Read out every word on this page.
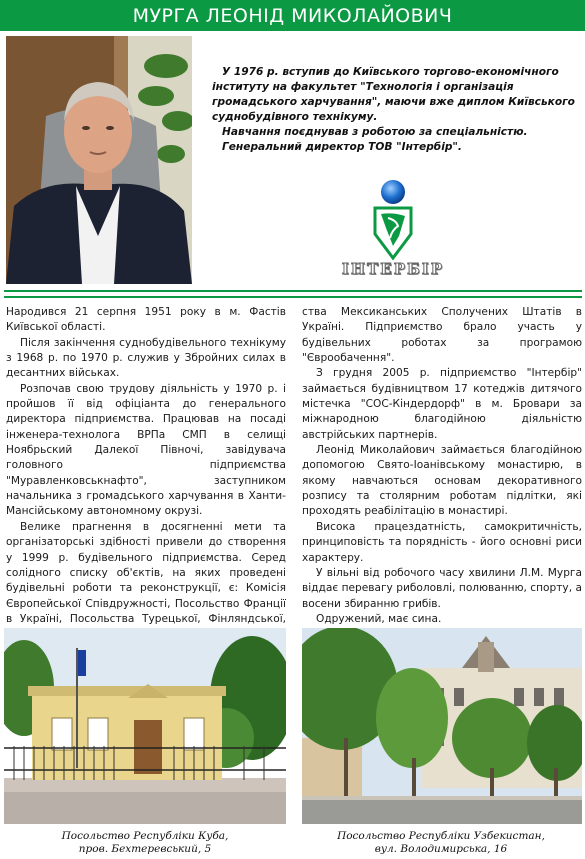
МУРГА ЛЕОНІД МИКОЛАЙОВИЧ

У 1976 р. вступив до Київського торгово-економічного інституту на факультет "Технологія і організація громадського харчування", маючи вже диплом Київського суднобудівного технікуму.

Навчання поєднував з роботою за спеціальністю.

Генеральний директор ТОВ "Інтербір".

ІНТЕРБІР

Народився 21 серпня 1951 року в м. Фастів Київської області.

Після закінчення суднобудівельного технікуму з 1968 р. по 1970 р. служив у Збройних силах в десантних військах.

Розпочав свою трудову діяльність у 1970 р. і пройшов її від офіціанта до генерального директора підприємства. Працював на посаді інженера-технолога ВРПа СМП в селищі Ноябрьский Далекої Півночі, завідувача головного підприємства "Муравленковськнафто", заступником начальника з громадського харчування в Ханти-Мансійському автономному окрузі.

Велике прагнення в досягненні мети та організаторські здібності привели до створення у 1999 р. будівельного підприємства. Серед солідного списку об'єктів, на яких проведені будівельні роботи та реконструкції, є: Комісія Європейської Співдружності, Посольство Франції в Україні, Посольства Турецької, Фінляндської,

ства Мексиканських Сполучених Штатів в Україні. Підприємство брало участь у будівельних роботах за програмою "Єврообачення".

З грудня 2005 р. підприємство "Інтербір" займається будівництвом 17 котеджів дитячого містечка "СОС-Кіндердорф" в м. Бровари за міжнародною благодійною діяльністю австрійських партнерів.

Леонід Миколайович займається благодійною допомогою Свято-Іоанівському монастирю, в якому навчаються основам декоративного розпису та столярним роботам підлітки, які проходять реабілітацію в монастирі.

Висока працездатність, самокритичність, принциповість та порядність - його основні риси характеру.

У вільні від робочого часу хвилини Л.М. Мурга віддає перевагу риболовлі, полюванню, спорту, а восени збиранню грибів.

Одружений, має сина.

Посольство Республіки Куба,
пров. Бехтеревський, 5
Посольство Республіки Узбекистан,
вул. Володимирська, 16
